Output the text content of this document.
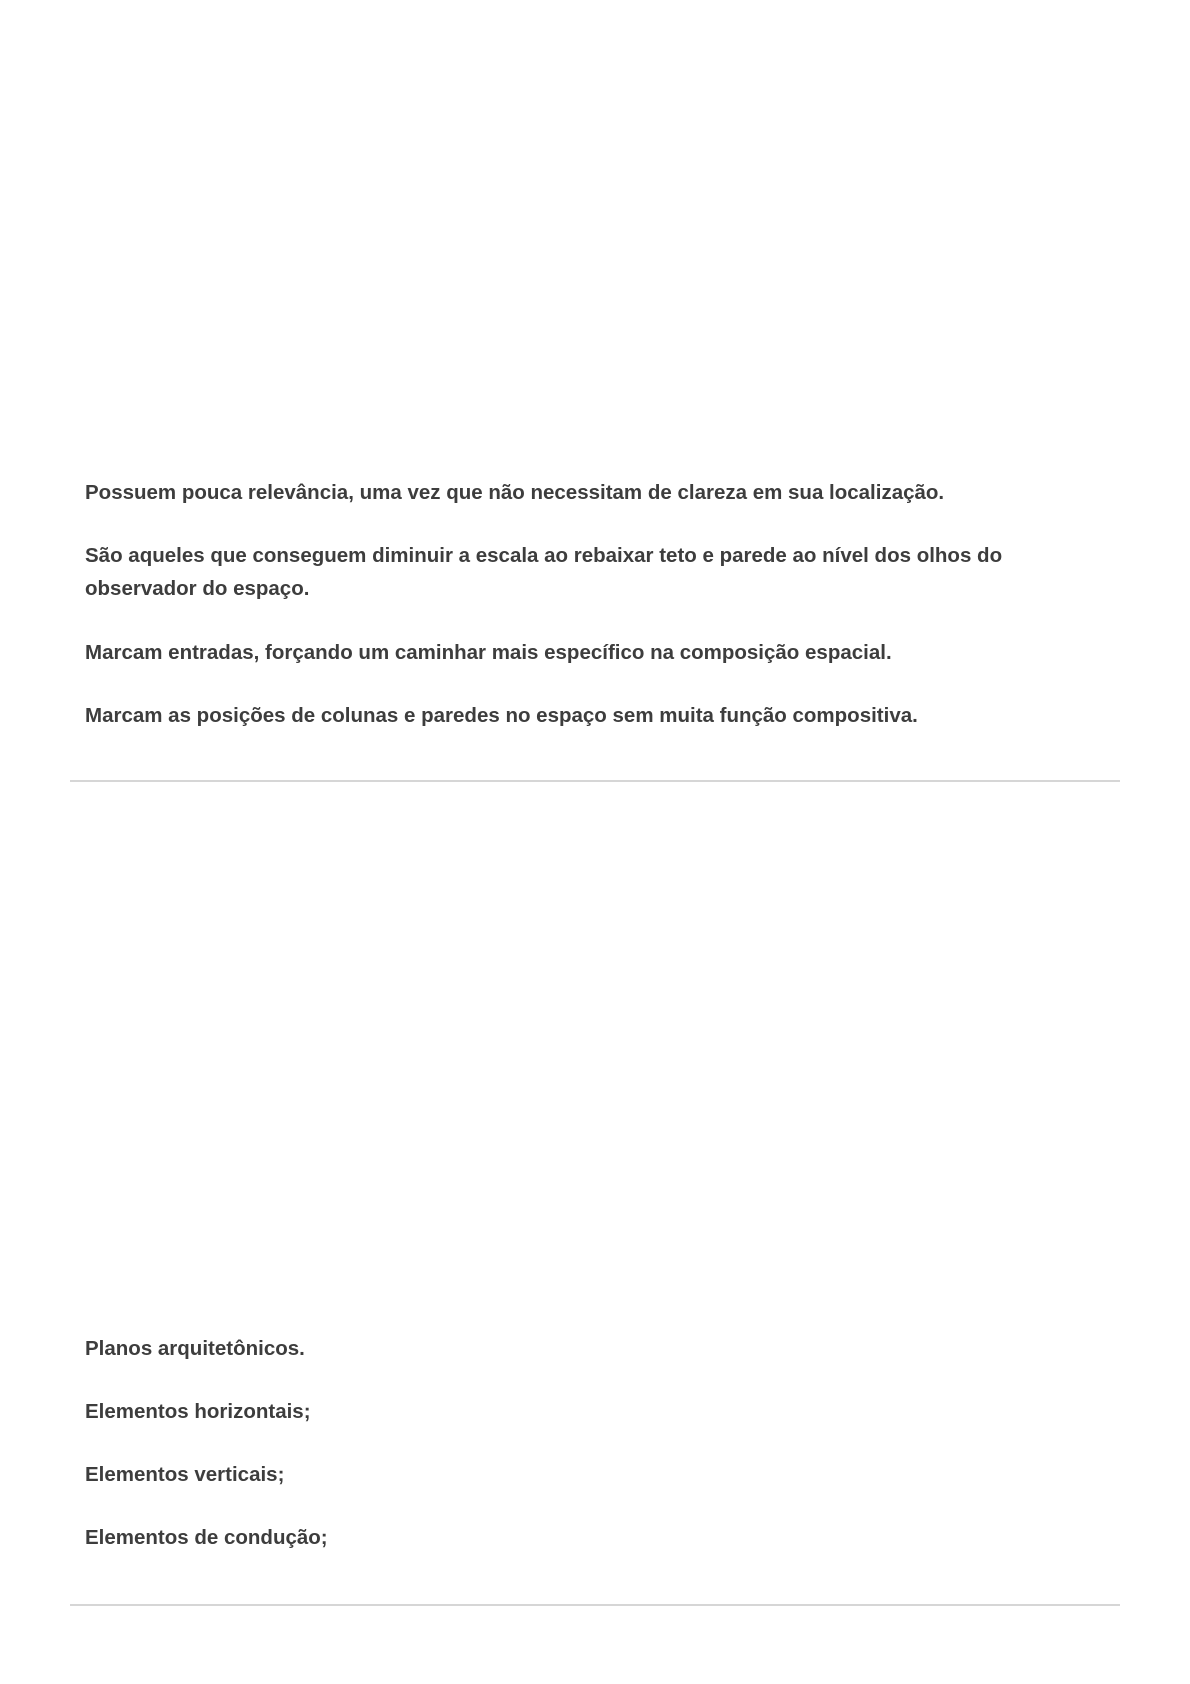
Possuem pouca relevância, uma vez que não necessitam de clareza em sua localização.

São aqueles que conseguem diminuir a escala ao rebaixar teto e parede ao nível dos olhos do observador do espaço.

Marcam entradas, forçando um caminhar mais específico na composição espacial.

Marcam as posições de colunas e paredes no espaço sem muita função compositiva.

Planos arquitetônicos.

Elementos horizontais;

Elementos verticais;

Elementos de condução;
